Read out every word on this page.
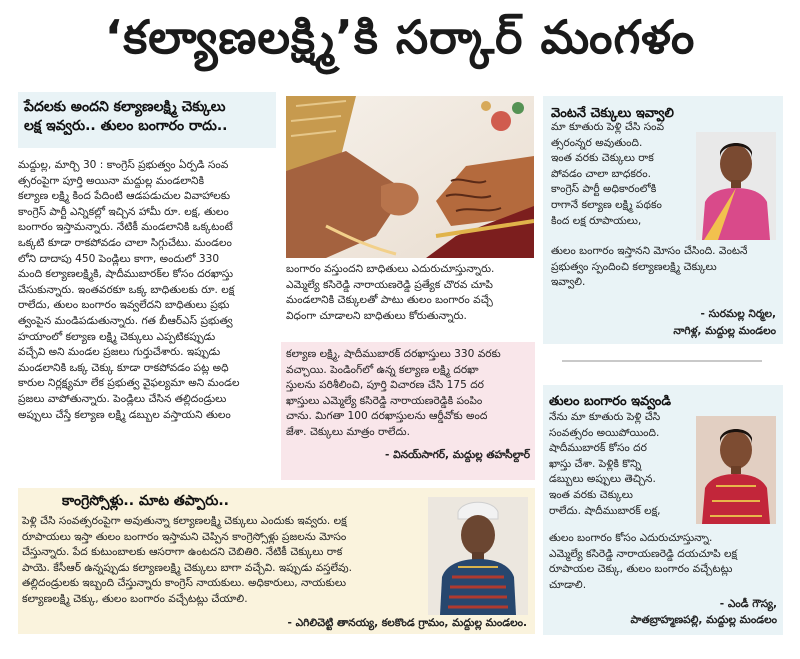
‘కల్యాణలక్ష్మి’కి సర్కార్ మంగళం
పేదలకు అందని కల్యాణలక్ష్మి చెక్కులు
లక్ష ఇవ్వరు.. తులం బంగారం రాదు..
మద్దుల్ల, మార్చి 30 : కాంగ్రెస్ ప్రభుత్వం ఏర్పడి సంవ
త్సరంపైగా పూర్తి అయినా మద్దుల్ల మండలానికి
కల్యాణ లక్ష్మి కింద పేదింటి ఆడపడుచుల వివాహాలకు
కాంగ్రెస్ పార్టీ ఎన్నికల్లో ఇచ్చిన హామీ రూ. లక్ష, తులం
బంగారం ఇస్తామన్నారు. నేటికీ మండలానికి ఒక్కటంటే
ఒక్కటి కూడా రాకపోవడం చాలా సిగ్గుచేటు. మండలం
లోని దాదాపు 450 పెండ్లిలు కాగా, అందులో 330
మంది కల్యాణలక్ష్మికి, షాదీముబారక్‌ల కోసం దరఖాస్తు
చేసుకున్నారు. ఇంతవరకూ ఒక్క బాధితులకు రూ. లక్ష
రాలేదు, తులం బంగారం ఇవ్వలేదని బాధితులు ప్రభు
త్వంపైన మండిపడుతున్నారు. గత బీఆర్ఎస్ ప్రభుత్వ
హయాంలో కల్యాణ లక్ష్మి చెక్కులు ఎప్పటికప్పుడు
వచ్చేవి అని మండల ప్రజలు గుర్తుచేశారు. ఇప్పుడు
మండలానికి ఒక్క చెక్కు కూడా రాకపోవడం పట్ల అధి
కారుల నిర్లక్ష్యమా లేక ప్రభుత్వ వైఫల్యమా అని మండల
ప్రజలు వాపోతున్నారు. పెండ్లిలు చేసిన తల్లిదండ్రులు
అప్పులు చేస్తే కల్యాణ లక్ష్మి డబ్బుల వస్తాయని తులం
బంగారం వస్తుందని బాధితులు ఎదురుచూస్తున్నారు.
ఎమ్మెల్యే కసిరెడ్డి నారాయణరెడ్డి ప్రత్యేక చొరవ చూపి
మండలానికి చెక్కులతో పాటు తులం బంగారం వచ్చే
విధంగా చూడాలని బాధితులు కోరుతున్నారు.
కల్యాణ లక్ష్మి, షాదీముబారక్ దరఖాస్తులు 330 వరకు
వచ్చాయి. పెండింగ్‌లో ఉన్న కల్యాణ లక్ష్మి దరఖా
స్తులను పరిశీలించి, పూర్తి విచారణ చేసి 175 దర
ఖాస్తులు ఎమ్మెల్యే కసిరెడ్డి నారాయణరెడ్డికి పంపిం
చాను. మిగతా 100 దరఖాస్తులను ఆర్డీవోకు అంద
జేశా. చెక్కులు మాత్రం రాలేదు.
- వినయ్‌సాగర్, మద్దుల్ల తహసీల్దార్
కాంగ్రెస్సోళ్లు.. మాట తప్పారు..
పెళ్లి చేసి సంవత్సరంపైగా అవుతున్నా కల్యాణలక్ష్మి చెక్కులు ఎందుకు ఇవ్వరు. లక్ష
రూపాయలు ఇస్తా తులం బంగారం ఇస్తామని చెప్పిన కాంగ్రెస్సోళ్లు ప్రజలను మోసం
చేస్తున్నారు. పేద కుటుంబాలకు ఆసరాగా ఉంటదని చెబితిరి. నేటికీ చెక్కులు రాక
పాయె. కేసీఆర్ ఉన్నప్పుడు కల్యాణలక్ష్మి చెక్కులు బాగా వచ్చేవి. ఇప్పుడు వస్తలేవు.
తల్లిదండ్రులకు ఇబ్బంది చేస్తున్నారు కాంగ్రెస్ నాయకులు. అధికారులు, నాయకులు
కల్యాణలక్ష్మి చెక్కు, తులం బంగారం వచ్చేటట్లు చేయాలి.
- ఎగిలిచెట్టి తానయ్య, కలకొండ గ్రామం, మద్దుల్ల మండలం.
వెంటనే చెక్కులు ఇవ్వాలి
మా కూతురు పెళ్లి చేసి సంవ
త్సరంన్నర అవుతుంది.
ఇంత వరకు చెక్కులు రాక
పోవడం చాలా బాధకరం.
కాంగ్రెస్ పార్టీ అధికారంలోకి
రాగానే కల్యాణ లక్ష్మి పథకం
కింద లక్ష రూపాయలు,
తులం బంగారం ఇస్తానని మోసం చేసింది. వెంటనే
ప్రభుత్వం స్పందించి కల్యాణలక్ష్మి చెక్కులు
ఇవ్వాలి.
- సురమల్ల నిర్మల,
నాగిళ్ల, మద్దుల్ల మండలం
తులం బంగారం ఇవ్వండి
నేను మా కూతురు పెళ్లి చేసి
సంవత్సరం అయిపోయింది.
షాదీముబారక్ కోసం దర
ఖాస్తు చేశా. పెళ్లికి కొన్ని
డబ్బులు అప్పులు తెచ్చిన.
ఇంత వరకు చెక్కులు
రాలేదు. షాదీముబారక్ లక్ష,
తులం బంగారం కోసం ఎదురుచూస్తున్నా.
ఎమ్మెల్యే కసిరెడ్డి నారాయణరెడ్డి దయచూపి లక్ష
రూపాయల చెక్కు, తులం బంగారం వచ్చేటట్లు
చూడాలి.
- ఎండీ గౌస్య,
పాతబ్రాహ్మణపల్లి, మద్దుల్ల మండలం
